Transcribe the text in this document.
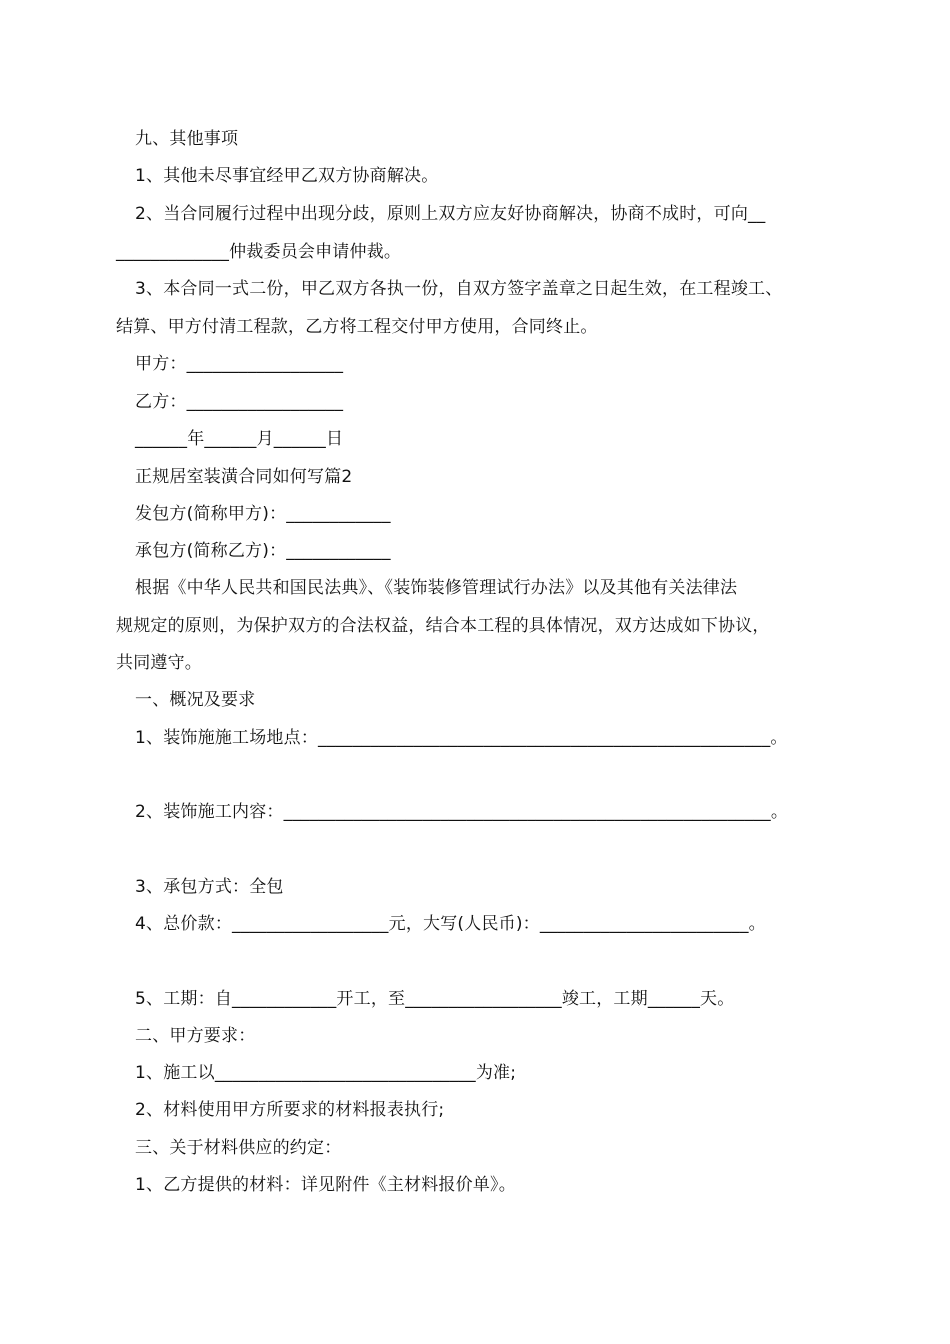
九、其他事项
1、其他未尽事宜经甲乙双方协商解决。
2、当合同履行过程中出现分歧，原则上双方应友好协商解决，协商不成时，可向__
_____________仲裁委员会申请仲裁。
3、本合同一式二份，甲乙双方各执一份，自双方签字盖章之日起生效，在工程竣工、
结算、甲方付清工程款，乙方将工程交付甲方使用，合同终止。
甲方：__________________
乙方：__________________
______年______月______日
正规居室装潢合同如何写篇2
发包方(简称甲方)：____________
承包方(简称乙方)：____________
根据《中华人民共和国民法典》、《装饰装修管理试行办法》以及其他有关法律法
规规定的原则，为保护双方的合法权益，结合本工程的具体情况，双方达成如下协议，
共同遵守。
一、概况及要求
1、装饰施施工场地点：____________________________________________________。
2、装饰施工内容：________________________________________________________。
3、承包方式：全包
4、总价款：__________________元，大写(人民币)：________________________。
5、工期：自____________开工，至__________________竣工，工期______天。
二、甲方要求：
1、施工以______________________________为准;
2、材料使用甲方所要求的材料报表执行;
三、关于材料供应的约定：
1、乙方提供的材料：详见附件《主材料报价单》。
